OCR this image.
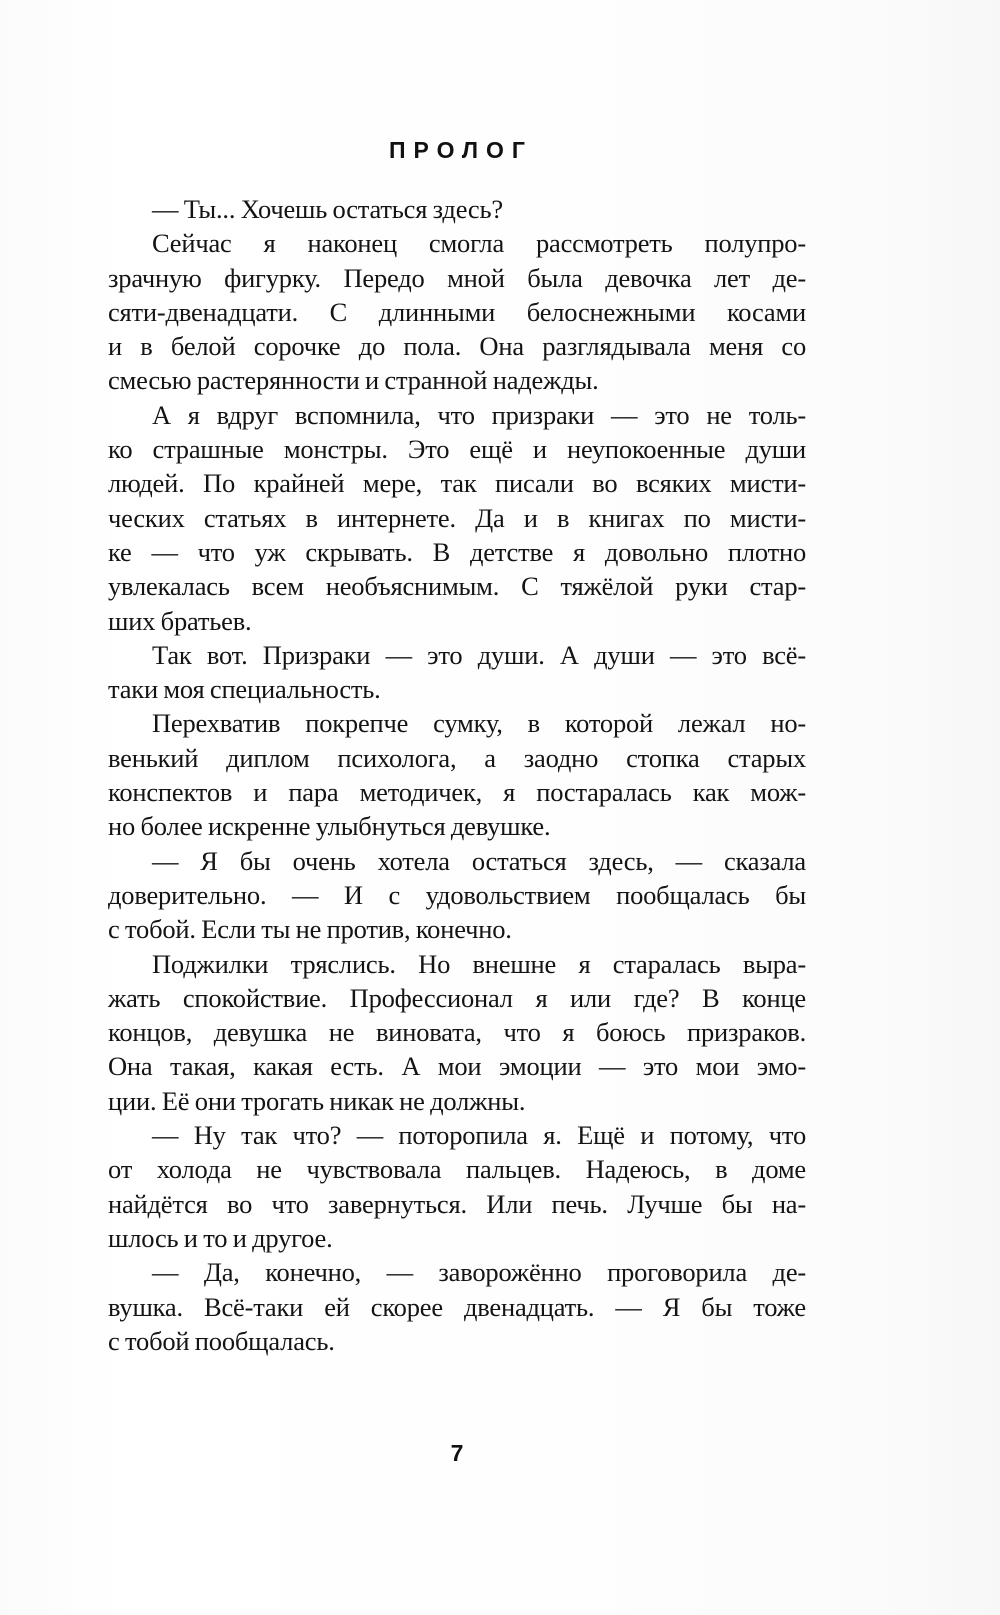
ПРОЛОГ
— Ты... Хочешь остаться здесь?
Сейчас я наконец смогла рассмотреть полупро-
зрачную фигурку. Передо мной была девочка лет де-
сяти-двенадцати. С длинными белоснежными косами
и в белой сорочке до пола. Она разглядывала меня со
смесью растерянности и странной надежды.
А я вдруг вспомнила, что призраки — это не толь-
ко страшные монстры. Это ещё и неупокоенные души
людей. По крайней мере, так писали во всяких мисти-
ческих статьях в интернете. Да и в книгах по мисти-
ке — что уж скрывать. В детстве я довольно плотно
увлекалась всем необъяснимым. С тяжёлой руки стар-
ших братьев.
Так вот. Призраки — это души. А души — это всё-
таки моя специальность.
Перехватив покрепче сумку, в которой лежал но-
венький диплом психолога, а заодно стопка старых
конспектов и пара методичек, я постаралась как мож-
но более искренне улыбнуться девушке.
— Я бы очень хотела остаться здесь, — сказала
доверительно. — И с удовольствием пообщалась бы
с тобой. Если ты не против, конечно.
Поджилки тряслись. Но внешне я старалась выра-
жать спокойствие. Профессионал я или где? В конце
концов, девушка не виновата, что я боюсь призраков.
Она такая, какая есть. А мои эмоции — это мои эмо-
ции. Её они трогать никак не должны.
— Ну так что? — поторопила я. Ещё и потому, что
от холода не чувствовала пальцев. Надеюсь, в доме
найдётся во что завернуться. Или печь. Лучше бы на-
шлось и то и другое.
— Да, конечно, — заворожённо проговорила де-
вушка. Всё-таки ей скорее двенадцать. — Я бы тоже
с тобой пообщалась.
7
